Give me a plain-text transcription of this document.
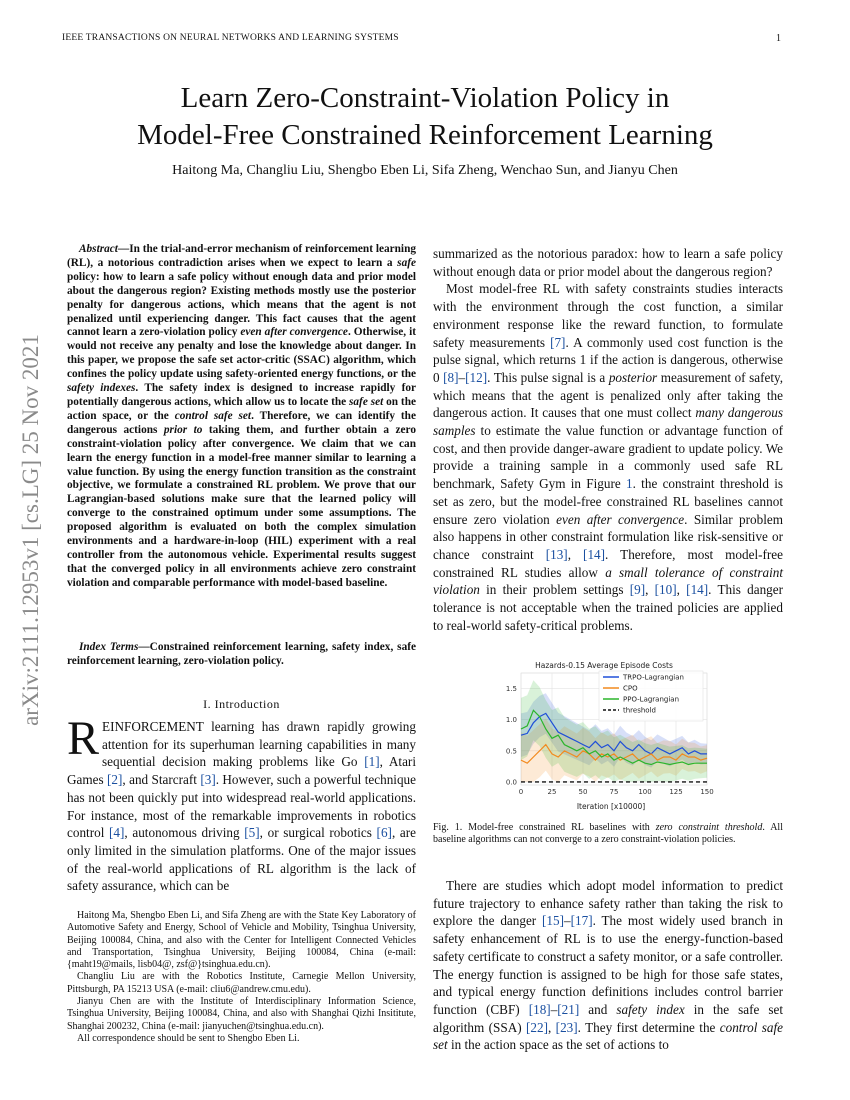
IEEE TRANSACTIONS ON NEURAL NETWORKS AND LEARNING SYSTEMS	1
Learn Zero-Constraint-Violation Policy in
Model-Free Constrained Reinforcement Learning
Haitong Ma, Changliu Liu, Shengbo Eben Li, Sifa Zheng, Wenchao Sun, and Jianyu Chen
arXiv:2111.12953v1 [cs.LG] 25 Nov 2021

Abstract—In the trial-and-error mechanism of reinforcement learning (RL), a notorious contradiction arises when we expect to learn a safe policy: how to learn a safe policy without enough data and prior model about the dangerous region? Existing methods mostly use the posterior penalty for dangerous actions, which means that the agent is not penalized until experiencing danger. This fact causes that the agent cannot learn a zero-violation policy even after convergence. Otherwise, it would not receive any penalty and lose the knowledge about danger. In this paper, we propose the safe set actor-critic (SSAC) algorithm, which confines the policy update using safety-oriented energy functions, or the safety indexes. The safety index is designed to increase rapidly for potentially dangerous actions, which allow us to locate the safe set on the action space, or the control safe set. Therefore, we can identify the dangerous actions prior to taking them, and further obtain a zero constraint-violation policy after convergence. We claim that we can learn the energy function in a model-free manner similar to learning a value function. By using the energy function transition as the constraint objective, we formulate a constrained RL problem. We prove that our Lagrangian-based solutions make sure that the learned policy will converge to the constrained optimum under some assumptions. The proposed algorithm is evaluated on both the complex simulation environments and a hardware-in-loop (HIL) experiment with a real controller from the autonomous vehicle. Experimental results suggest that the converged policy in all environments achieve zero constraint violation and comparable performance with model-based baseline.

Index Terms—Constrained reinforcement learning, safety index, safe reinforcement learning, zero-violation policy.
I. Introduction
REINFORCEMENT learning has drawn rapidly growing attention for its superhuman learning capabilities in many sequential decision making problems like Go [1], Atari Games [2], and Starcraft [3]. However, such a powerful technique has not been quickly put into widespread real-world applications. For instance, most of the remarkable improvements in robotics control [4], autonomous driving [5], or surgical robotics [6], are only limited in the simulation platforms. One of the major issues of the real-world applications of RL algorithm is the lack of safety assurance, which can be

Haitong Ma, Shengbo Eben Li, and Sifa Zheng are with the State Key Laboratory of Automotive Safety and Energy, School of Vehicle and Mobility, Tsinghua University, Beijing 100084, China, and also with the Center for Intelligent Connected Vehicles and Transportation, Tsinghua University, Beijing 100084, China (e-mail: {maht19@mails, lisb04@, zsf@}tsinghua.edu.cn).

Changliu Liu are with the Robotics Institute, Carnegie Mellon University, Pittsburgh, PA 15213 USA (e-mail: cliu6@andrew.cmu.edu).

Jianyu Chen are with the Institute of Interdisciplinary Information Science, Tsinghua University, Beijing 100084, China, and also with Shanghai Qizhi Insititute, Shanghai 200232, China (e-mail: jianyuchen@tsinghua.edu.cn).

All correspondence should be sent to Shengbo Eben Li.

summarized as the notorious paradox: how to learn a safe policy without enough data or prior model about the dangerous region?

Most model-free RL with safety constraints studies interacts with the environment through the cost function, a similar environment response like the reward function, to formulate safety measurements [7]. A commonly used cost function is the pulse signal, which returns 1 if the action is dangerous, otherwise 0 [8]–[12]. This pulse signal is a posterior measurement of safety, which means that the agent is penalized only after taking the dangerous action. It causes that one must collect many dangerous samples to estimate the value function or advantage function of cost, and then provide danger-aware gradient to update policy. We provide a training sample in a commonly used safe RL benchmark, Safety Gym in Figure 1. the constraint threshold is set as zero, but the model-free constrained RL baselines cannot ensure zero violation even after convergence. Similar problem also happens in other constraint formulation like risk-sensitive or chance constraint [13], [14]. Therefore, most model-free constrained RL studies allow a small tolerance of constraint violation in their problem settings [9], [10], [14]. This danger tolerance is not acceptable when the trained policies are applied to real-world safety-critical problems.

Hazards-0.15 Average Episode Costs
0	25	50	75	100	125	150
0.0
0.5
1.0
1.5
TRPO-Lagrangian
CPO
PPO-Lagrangian
threshold
Iteration [x10000]
Fig. 1. Model-free constrained RL baselines with zero constraint threshold. All baseline algorithms can not converge to a zero constraint-violation policies.

There are studies which adopt model information to predict future trajectory to enhance safety rather than taking the risk to explore the danger [15]–[17]. The most widely used branch in safety enhancement of RL is to use the energy-function-based safety certificate to construct a safety monitor, or a safe controller. The energy function is assigned to be high for those safe states, and typical energy function definitions includes control barrier function (CBF) [18]–[21] and safety index in the safe set algorithm (SSA) [22], [23]. They first determine the control safe set in the action space as the set of actions to
